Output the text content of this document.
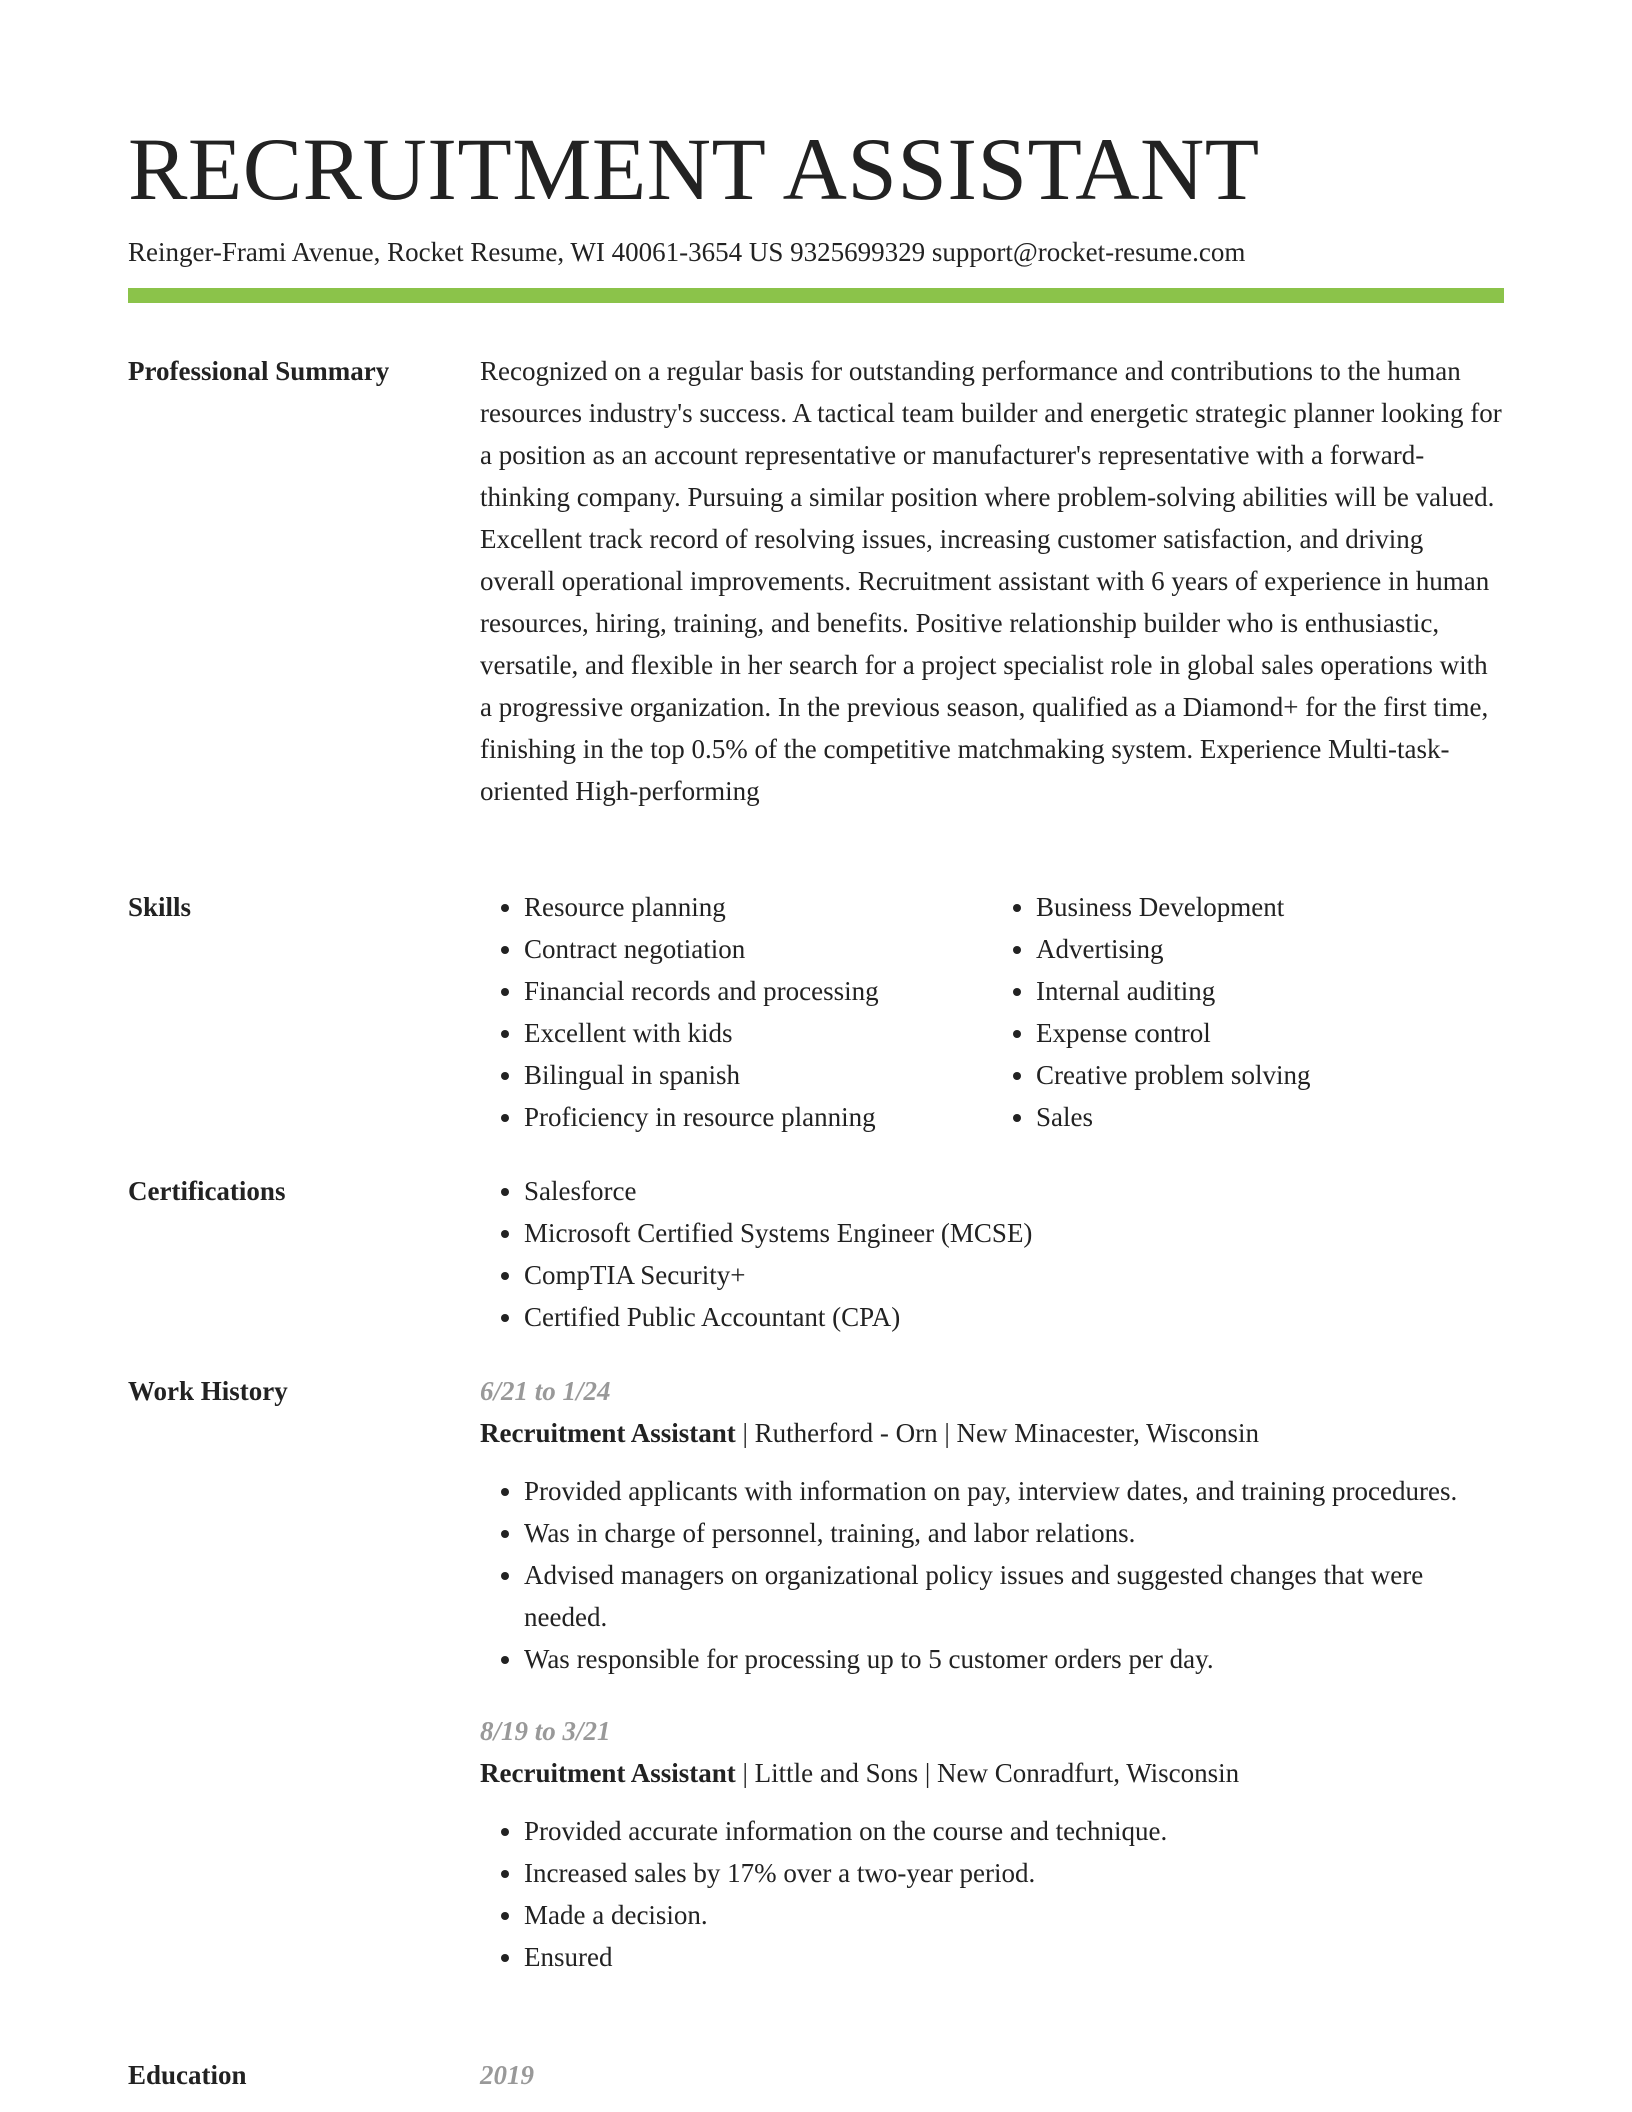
RECRUITMENT ASSISTANT
Reinger-Frami Avenue, Rocket Resume, WI 40061-3654 US 9325699329 support@rocket-resume.com
Professional Summary	Recognized on a regular basis for outstanding performance and contributions to the human resources industry's success. A tactical team builder and energetic strategic planner looking for a position as an account representative or manufacturer's representative with a forward-thinking company. Pursuing a similar position where problem-solving abilities will be valued. Excellent track record of resolving issues, increasing customer satisfaction, and driving overall operational improvements. Recruitment assistant with 6 years of experience in human resources, hiring, training, and benefits. Positive relationship builder who is enthusiastic, versatile, and flexible in her search for a project specialist role in global sales operations with a progressive organization. In the previous season, qualified as a Diamond+ for the first time, finishing in the top 0.5% of the competitive matchmaking system. Experience Multi-task-oriented High-performing

Skills	• Resource planning
• Contract negotiation
• Financial records and processing
• Excellent with kids
• Bilingual in spanish
• Proficiency in resource planning
• Business Development
• Advertising
• Internal auditing
• Expense control
• Creative problem solving
• Sales
Certifications	• Salesforce
• Microsoft Certified Systems Engineer (MCSE)
• CompTIA Security+
• Certified Public Accountant (CPA)
Work History	6/21 to 1/24
Recruitment Assistant | Rutherford - Orn | New Minacester, Wisconsin
• Provided applicants with information on pay, interview dates, and training procedures.
• Was in charge of personnel, training, and labor relations.
• Advised managers on organizational policy issues and suggested changes that were needed.
• Was responsible for processing up to 5 customer orders per day.
8/19 to 3/21
Recruitment Assistant | Little and Sons | New Conradfurt, Wisconsin
• Provided accurate information on the course and technique.
• Increased sales by 17% over a two-year period.
• Made a decision.
• Ensured
Education	2019
